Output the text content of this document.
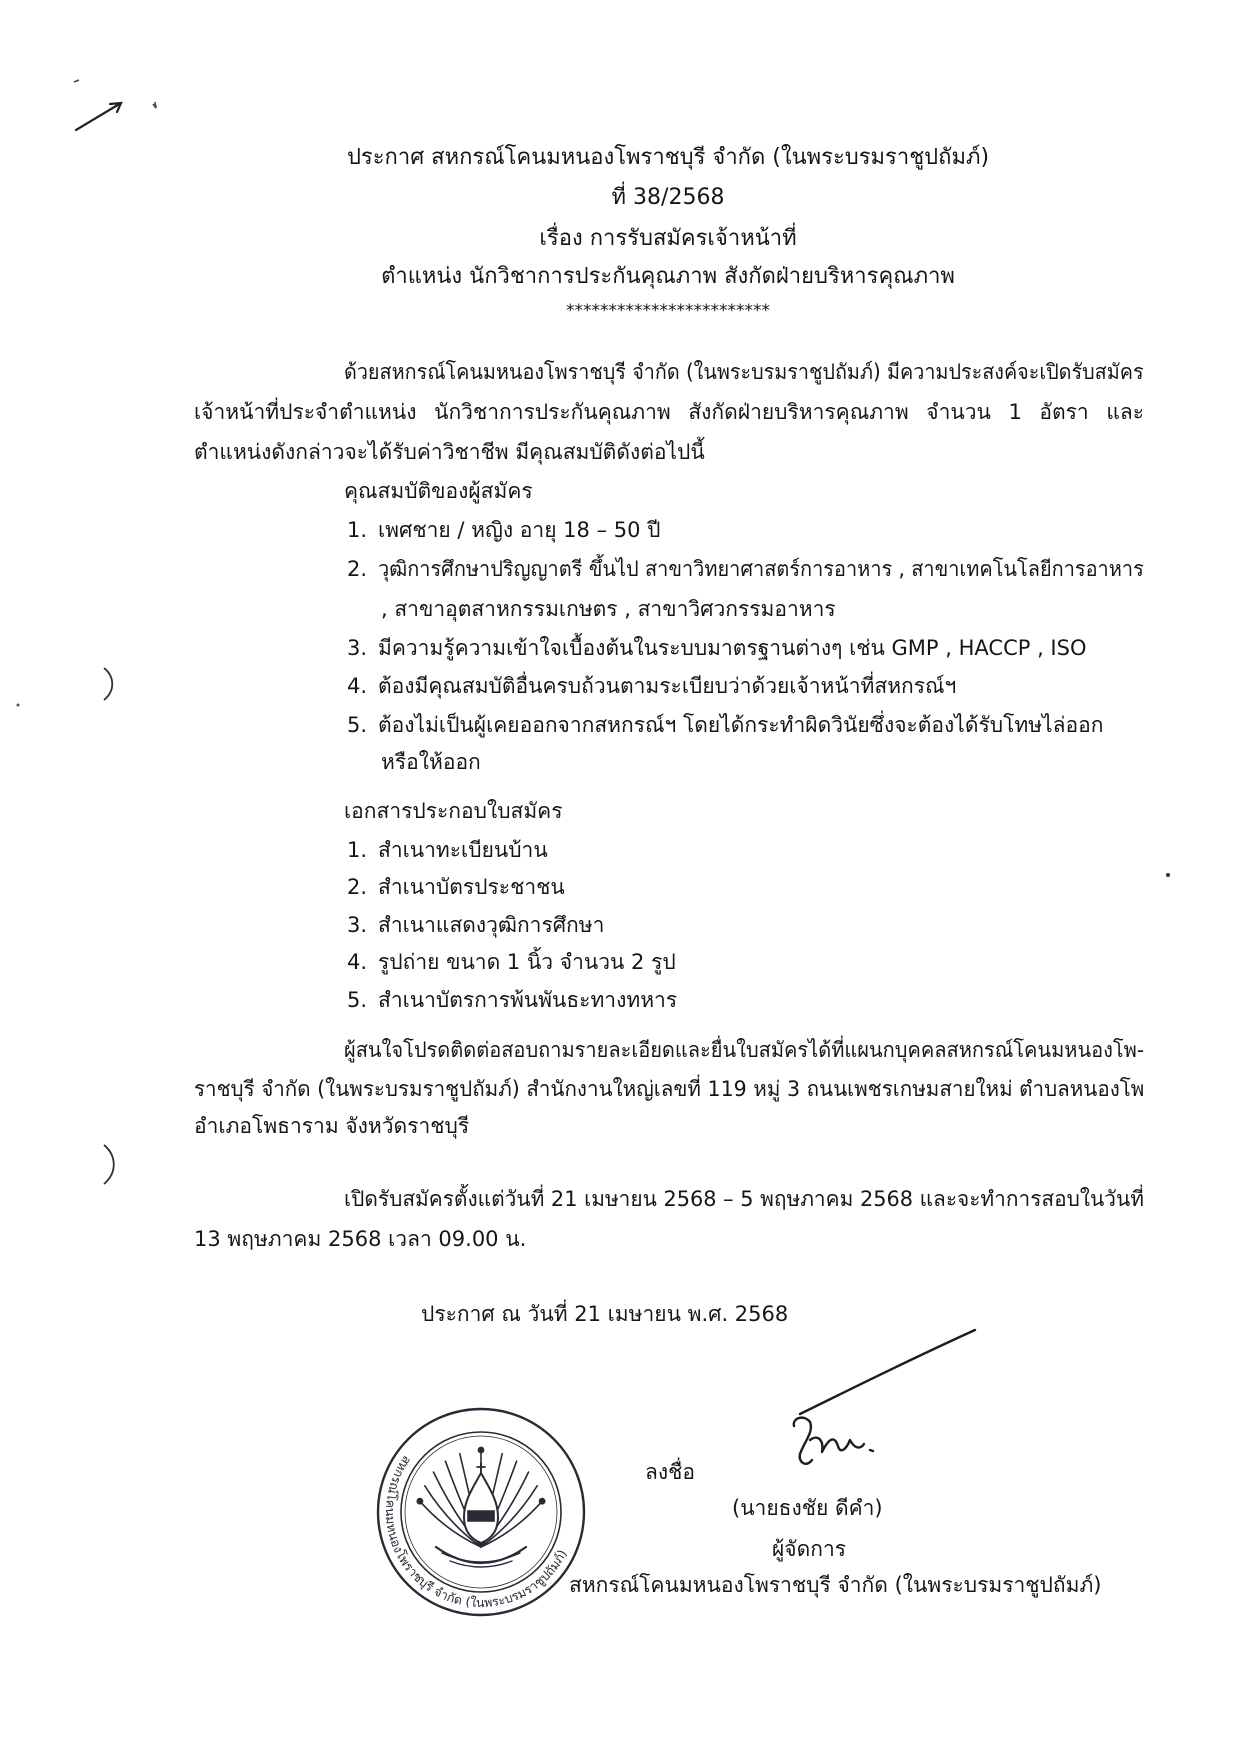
ประกาศ สหกรณ์โคนมหนองโพราชบุรี จำกัด (ในพระบรมราชูปถัมภ์)
ที่ 38/2568
เรื่อง การรับสมัครเจ้าหน้าที่
ตำแหน่ง นักวิชาการประกันคุณภาพ สังกัดฝ่ายบริหารคุณภาพ
************************
ด้วยสหกรณ์โคนมหนองโพราชบุรี จำกัด (ในพระบรมราชูปถัมภ์) มีความประสงค์จะเปิดรับสมัคร
เจ้าหน้าที่ประจำตำแหน่ง นักวิชาการประกันคุณภาพ สังกัดฝ่ายบริหารคุณภาพ จำนวน 1 อัตรา และ
ตำแหน่งดังกล่าวจะได้รับค่าวิชาชีพ มีคุณสมบัติดังต่อไปนี้
คุณสมบัติของผู้สมัคร
1. เพศชาย / หญิง อายุ 18 – 50 ปี
2. วุฒิการศึกษาปริญญาตรี ขึ้นไป สาขาวิทยาศาสตร์การอาหาร , สาขาเทคโนโลยีการอาหาร
, สาขาอุตสาหกรรมเกษตร , สาขาวิศวกรรมอาหาร
3. มีความรู้ความเข้าใจเบื้องต้นในระบบมาตรฐานต่างๆ เช่น GMP , HACCP , ISO
4. ต้องมีคุณสมบัติอื่นครบถ้วนตามระเบียบว่าด้วยเจ้าหน้าที่สหกรณ์ฯ
5. ต้องไม่เป็นผู้เคยออกจากสหกรณ์ฯ โดยได้กระทำผิดวินัยซึ่งจะต้องได้รับโทษไล่ออก
หรือให้ออก
เอกสารประกอบใบสมัคร
1. สำเนาทะเบียนบ้าน
2. สำเนาบัตรประชาชน
3. สำเนาแสดงวุฒิการศึกษา
4. รูปถ่าย ขนาด 1 นิ้ว จำนวน 2 รูป
5. สำเนาบัตรการพ้นพันธะทางทหาร
ผู้สนใจโปรดติดต่อสอบถามรายละเอียดและยื่นใบสมัครได้ที่แผนกบุคคลสหกรณ์โคนมหนองโพ-
ราชบุรี จำกัด (ในพระบรมราชูปถัมภ์) สำนักงานใหญ่เลขที่ 119 หมู่ 3 ถนนเพชรเกษมสายใหม่ ตำบลหนองโพ
อำเภอโพธาราม จังหวัดราชบุรี
เปิดรับสมัครตั้งแต่วันที่ 21 เมษายน 2568 – 5 พฤษภาคม 2568 และจะทำการสอบในวันที่
13 พฤษภาคม 2568 เวลา 09.00 น.
ประกาศ ณ วันที่ 21 เมษายน พ.ศ. 2568
สหกรณ์โคนมหนองโพราชบุรี จำกัด (ในพระบรมราชูปถัมภ์)
ลงชื่อ
(นายธงชัย ดีคำ)
ผู้จัดการ
สหกรณ์โคนมหนองโพราชบุรี จำกัด (ในพระบรมราชูปถัมภ์)
